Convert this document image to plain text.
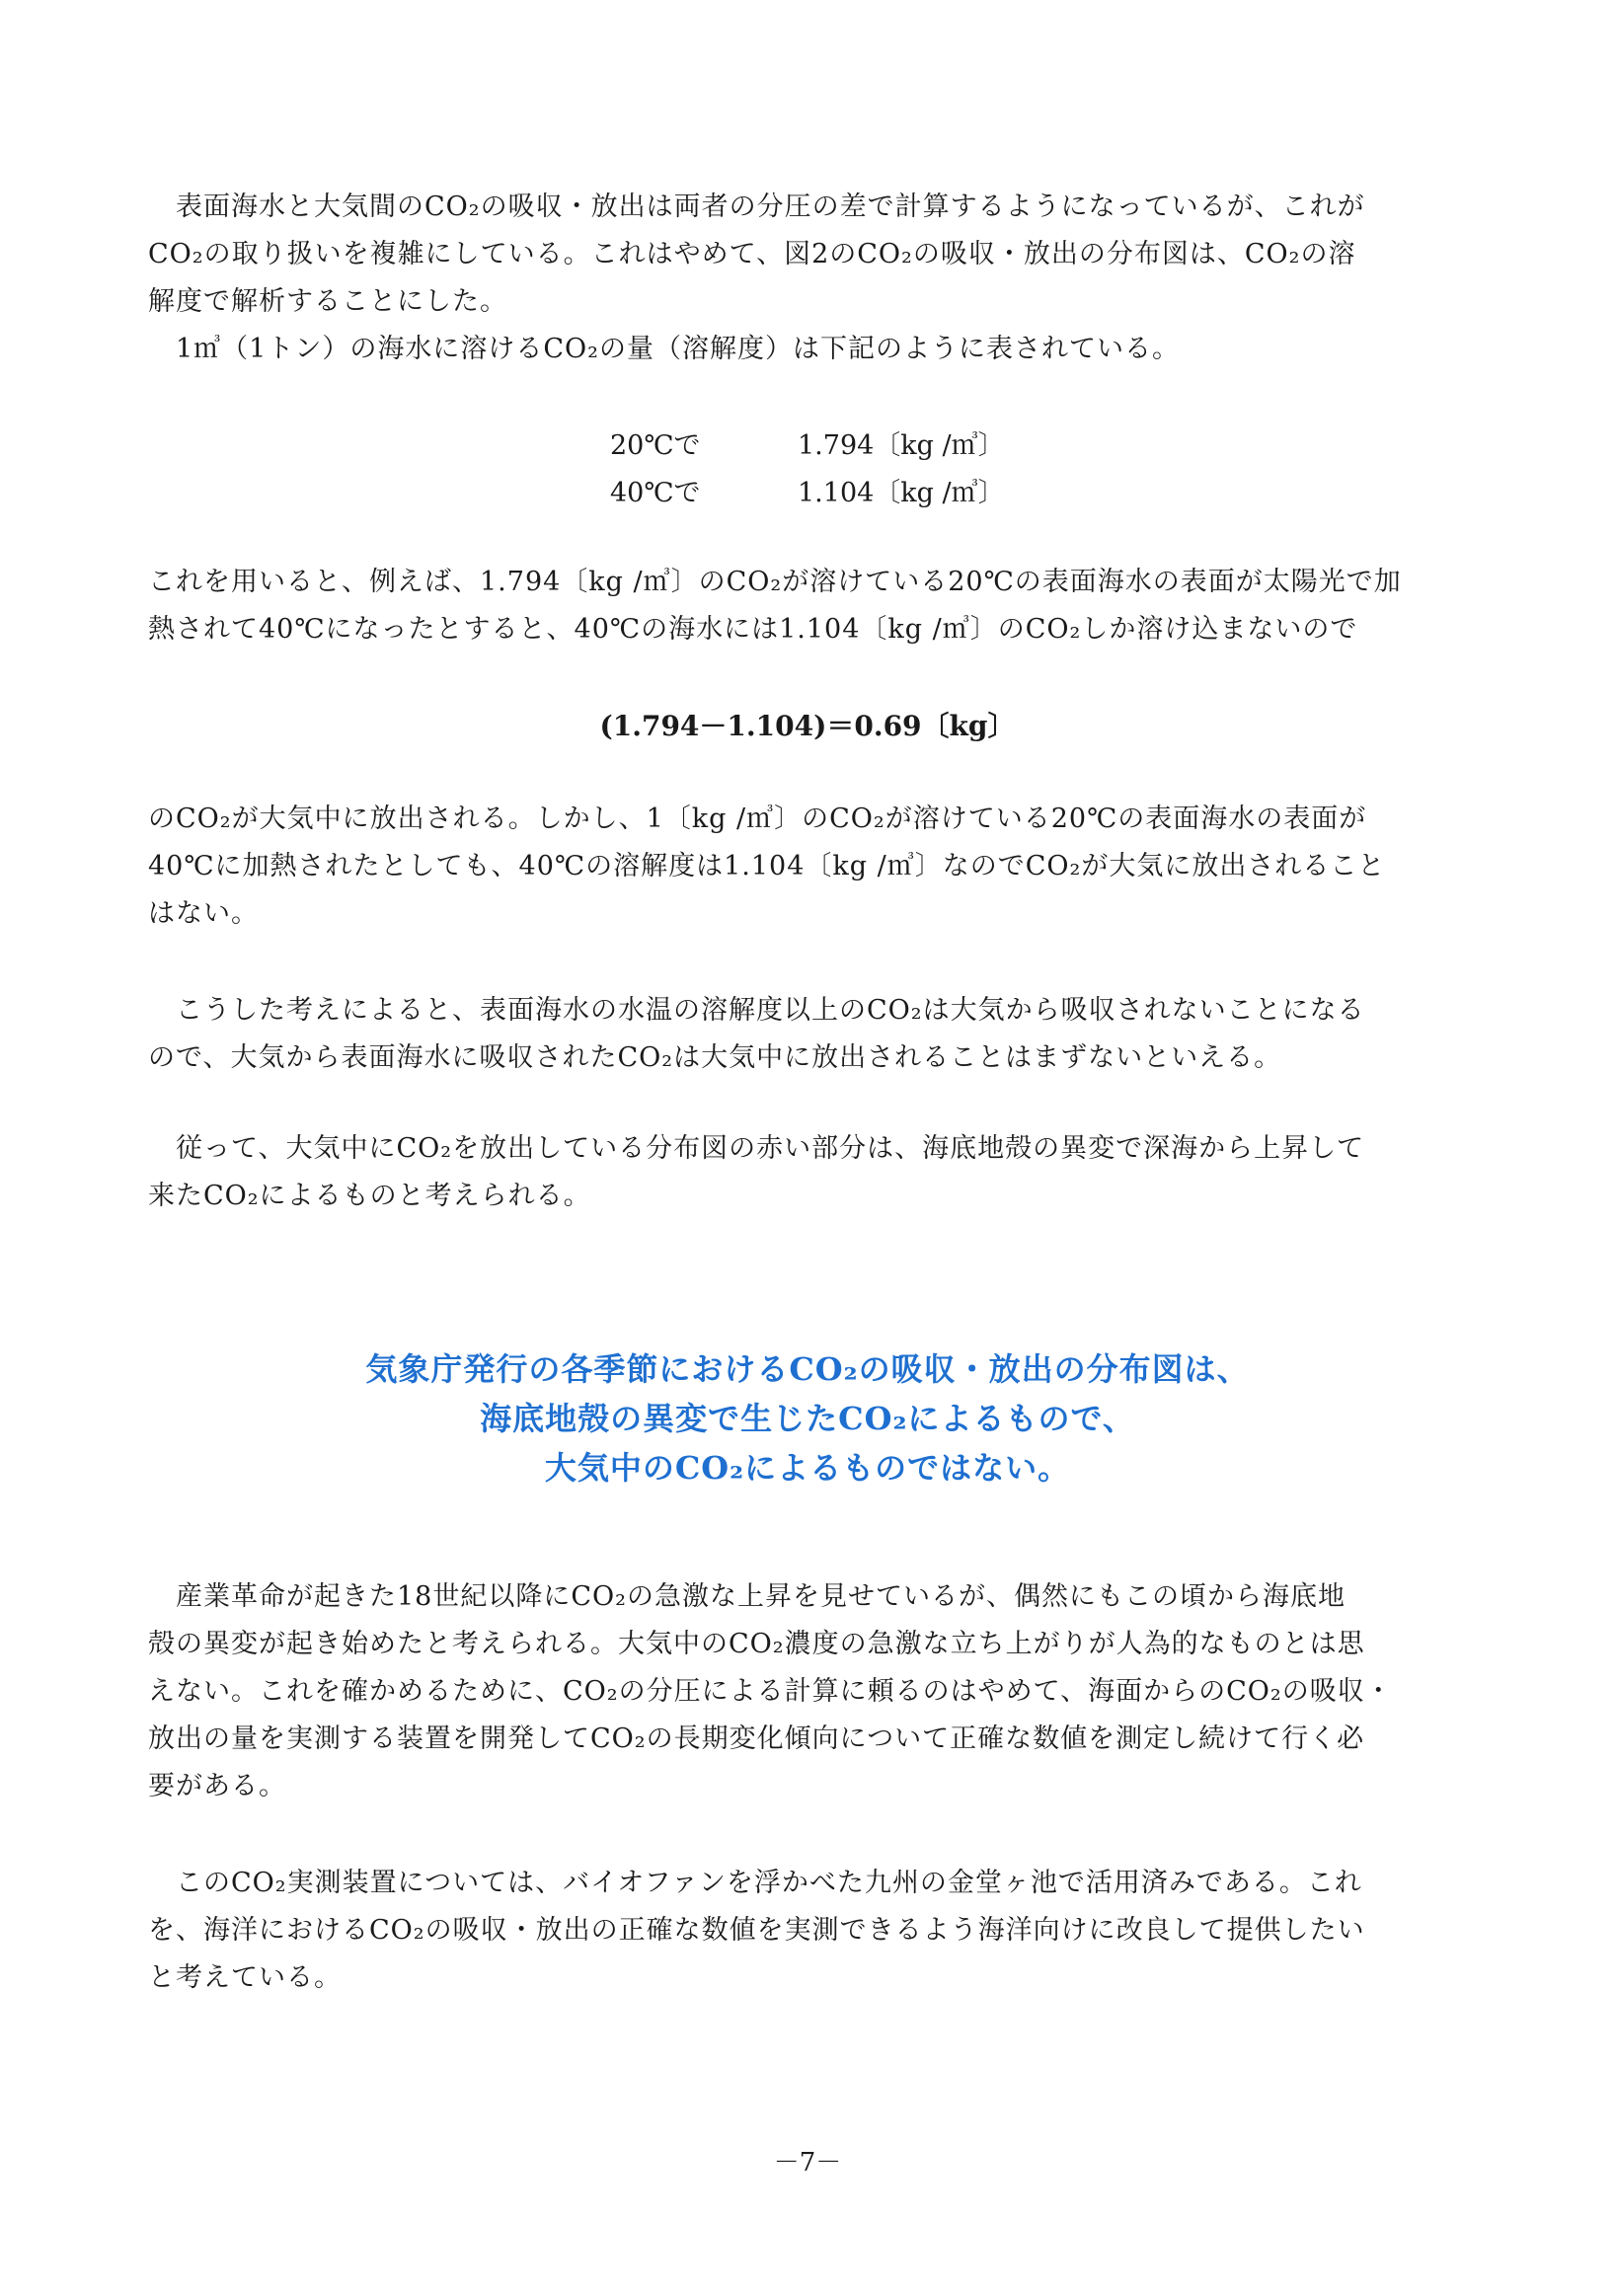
表面海水と大気間のCO₂の吸収・放出は両者の分圧の差で計算するようになっているが、これが
CO₂の取り扱いを複雑にしている。これはやめて、図2のCO₂の吸収・放出の分布図は、CO₂の溶
解度で解析することにした。

1㎥（1トン）の海水に溶けるCO₂の量（溶解度）は下記のように表されている。

20℃で	1.794〔kg /㎥〕
40℃で	1.104〔kg /㎥〕

これを用いると、例えば、1.794〔kg /㎥〕のCO₂が溶けている20℃の表面海水の表面が太陽光で加
熱されて40℃になったとすると、40℃の海水には1.104〔kg /㎥〕のCO₂しか溶け込まないので

(1.794－1.104)＝0.69〔kg〕

のCO₂が大気中に放出される。しかし、1〔kg /㎥〕のCO₂が溶けている20℃の表面海水の表面が
40℃に加熱されたとしても、40℃の溶解度は1.104〔kg /㎥〕なのでCO₂が大気に放出されること
はない。

こうした考えによると、表面海水の水温の溶解度以上のCO₂は大気から吸収されないことになる
ので、大気から表面海水に吸収されたCO₂は大気中に放出されることはまずないといえる。

従って、大気中にCO₂を放出している分布図の赤い部分は、海底地殻の異変で深海から上昇して
来たCO₂によるものと考えられる。

気象庁発行の各季節におけるCO₂の吸収・放出の分布図は、
海底地殻の異変で生じたCO₂によるもので、
大気中のCO₂によるものではない。

産業革命が起きた18世紀以降にCO₂の急激な上昇を見せているが、偶然にもこの頃から海底地
殻の異変が起き始めたと考えられる。大気中のCO₂濃度の急激な立ち上がりが人為的なものとは思
えない。これを確かめるために、CO₂の分圧による計算に頼るのはやめて、海面からのCO₂の吸収・
放出の量を実測する装置を開発してCO₂の長期変化傾向について正確な数値を測定し続けて行く必
要がある。

このCO₂実測装置については、バイオファンを浮かべた九州の金堂ヶ池で活用済みである。これ
を、海洋におけるCO₂の吸収・放出の正確な数値を実測できるよう海洋向けに改良して提供したい
と考えている。

－7－
